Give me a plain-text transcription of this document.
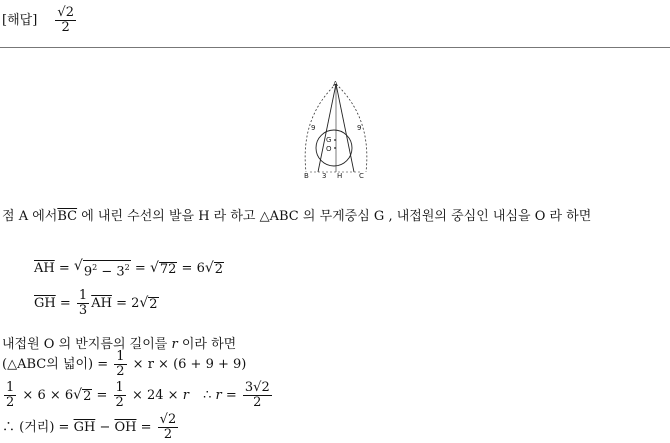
[해답] $\frac{√2}{2}$
A
B	C
H
G
O
9	9
3
점 A 에서$\overline{BC}$ 에 내린 수선의 발을 H 라 하고 △ABC 의 무게중심 G , 내접원의 중심인 내심을 O 라 하면
$\overline{AH}$ = √ $9^2 - 3^2$ = √ 72 = 6 √ 2
$\overline{GH} = \frac{1}{3} \overline{AH} = 2$ √ 2
내접원 O 의 반지름의 길이를 r 이라 하면
(△ABC의 넓이) = $\frac{1}{2} \times r \times (6 + 9 + 9)$
$\frac{1}{2} \times 6 \times 6$ √ $2 = \frac{1}{2} \times 24 \times r$ ∴ $r = \frac{3√2}{2}$
∴ (거리) = $\overline{GH} - \overline{OH} = \frac{√2}{2}$
